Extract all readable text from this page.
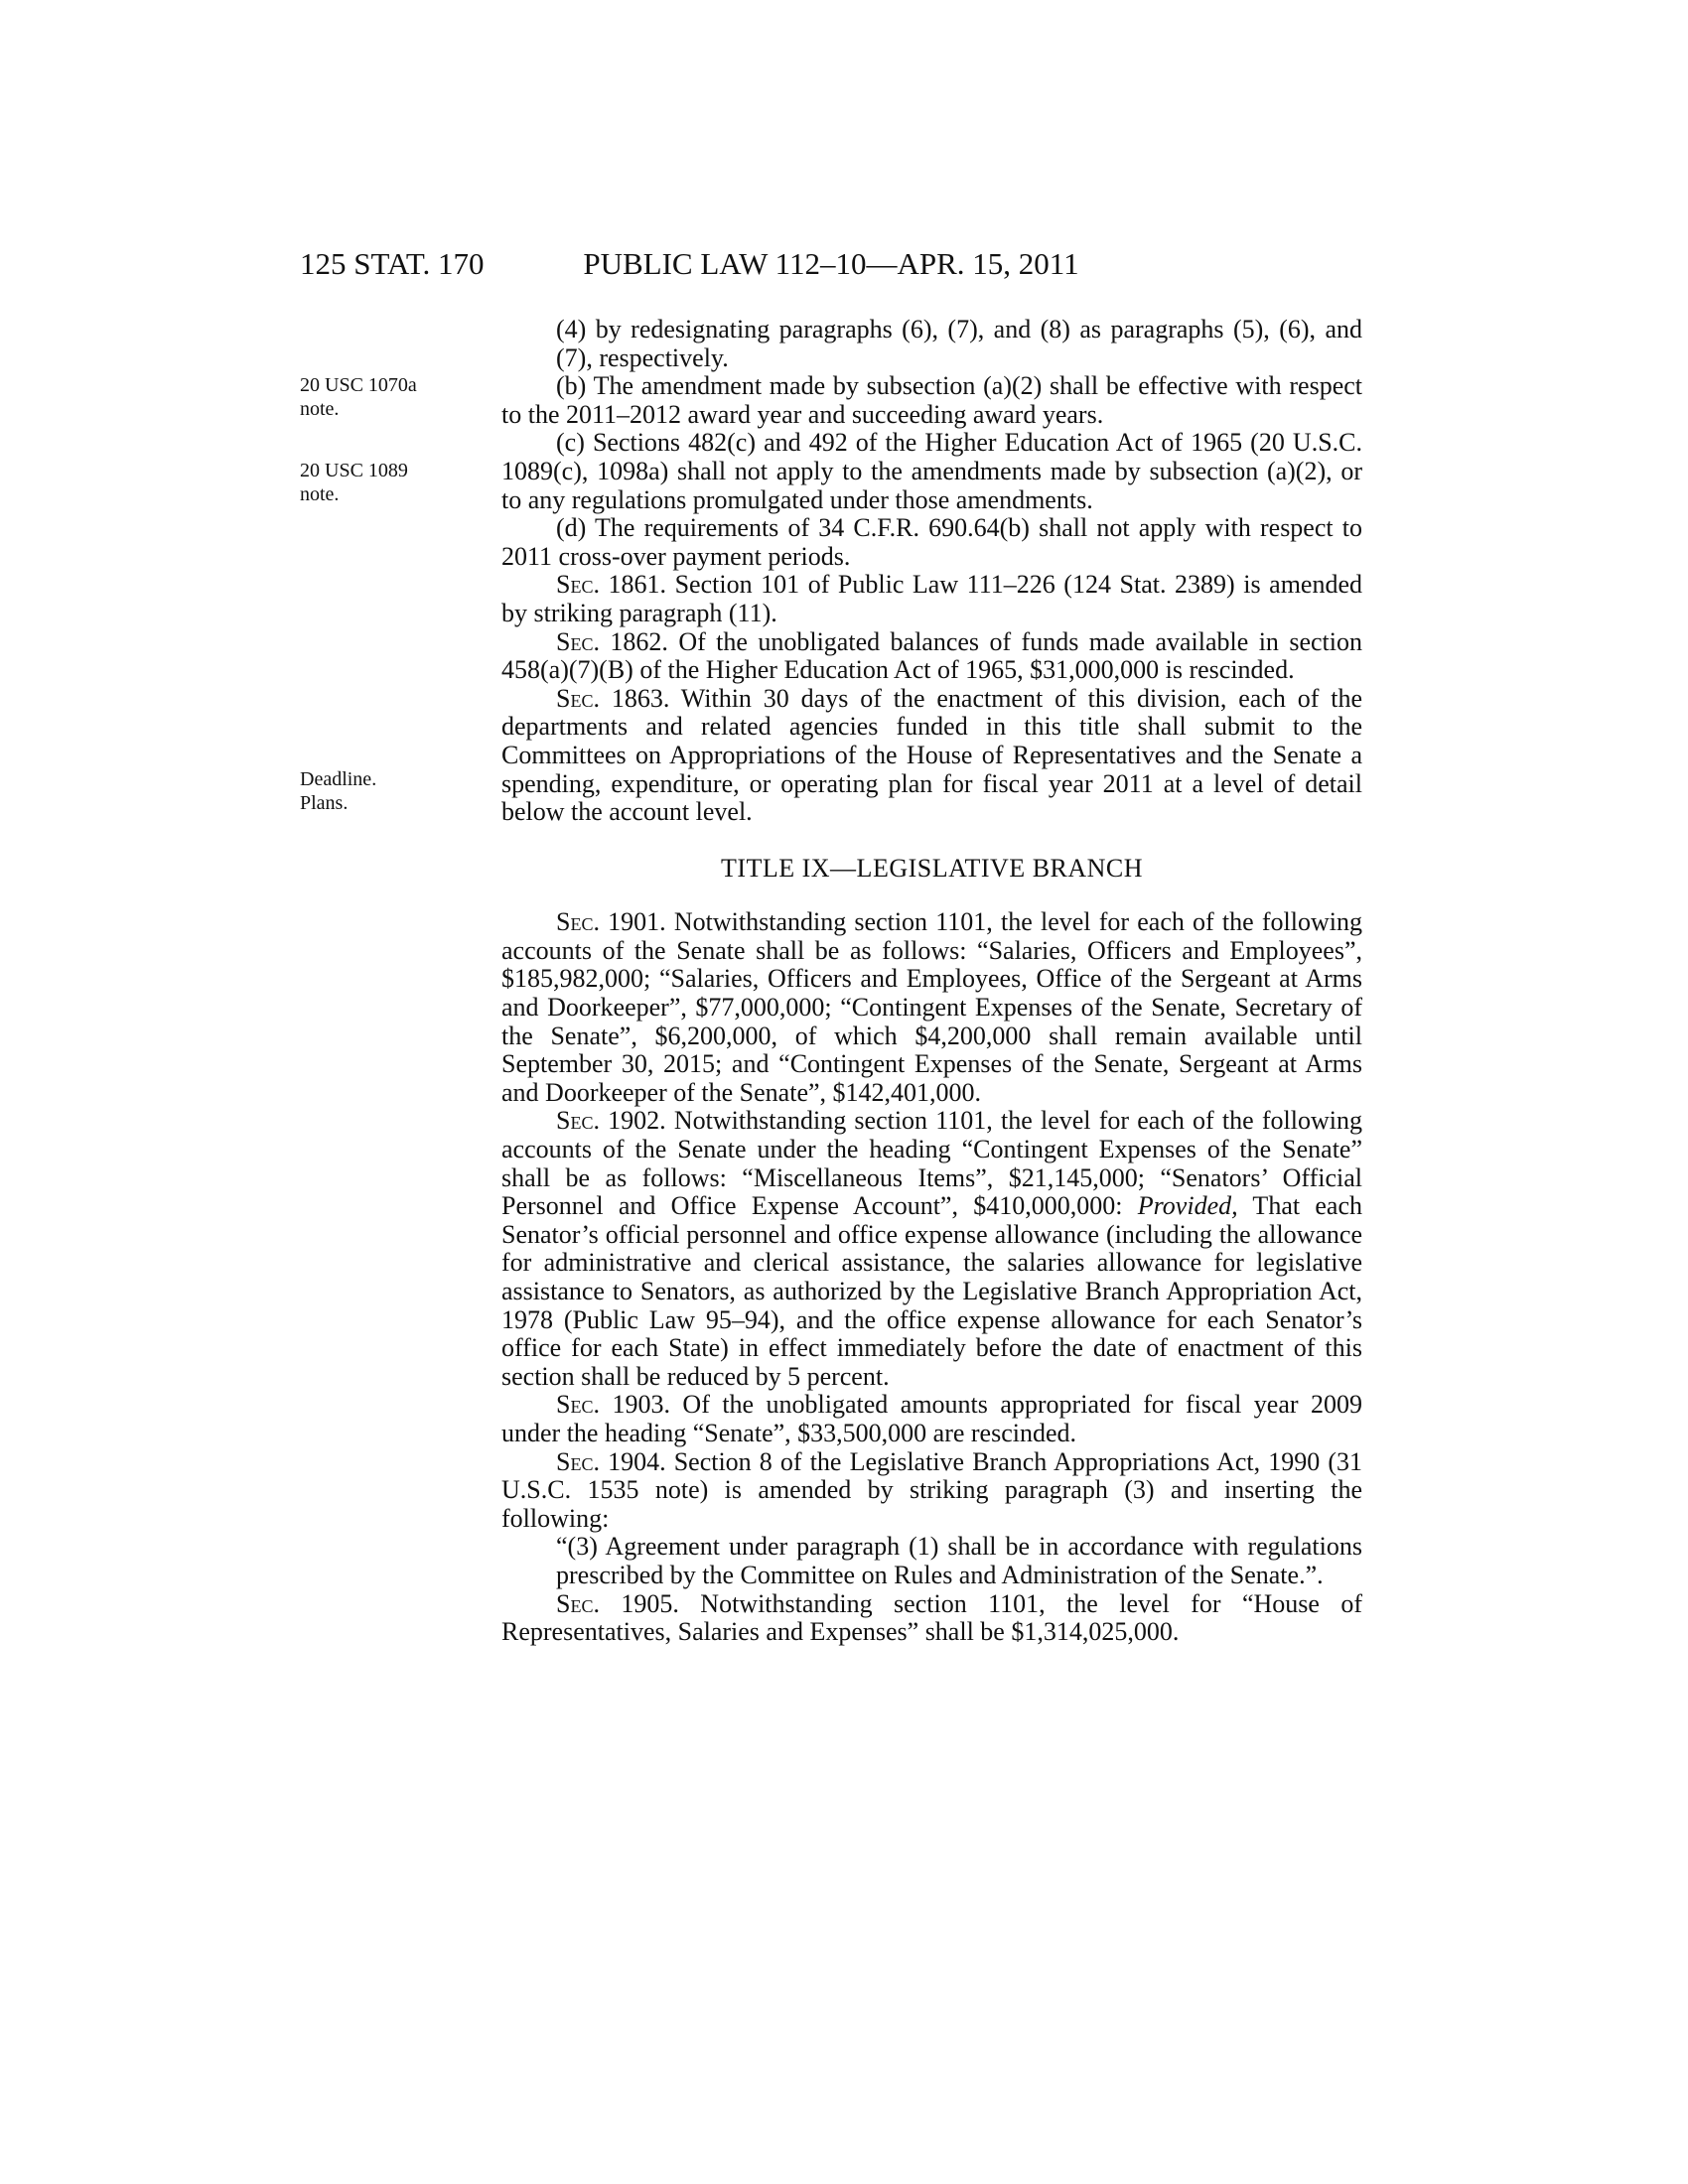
125 STAT. 170	PUBLIC LAW 112–10—APR. 15, 2011
20 USC 1070a
note.
20 USC 1089
note.
Deadline.
Plans.

(4) by redesignating paragraphs (6), (7), and (8) as paragraphs (5), (6), and (7), respectively.

(b) The amendment made by subsection (a)(2) shall be effective with respect to the 2011–2012 award year and succeeding award years.

(c) Sections 482(c) and 492 of the Higher Education Act of 1965 (20 U.S.C. 1089(c), 1098a) shall not apply to the amendments made by subsection (a)(2), or to any regulations promulgated under those amendments.

(d) The requirements of 34 C.F.R. 690.64(b) shall not apply with respect to 2011 cross-over payment periods.

Sec. 1861. Section 101 of Public Law 111–226 (124 Stat. 2389) is amended by striking paragraph (11).

Sec. 1862. Of the unobligated balances of funds made available in section 458(a)(7)(B) of the Higher Education Act of 1965, $31,000,000 is rescinded.

Sec. 1863. Within 30 days of the enactment of this division, each of the departments and related agencies funded in this title shall submit to the Committees on Appropriations of the House of Representatives and the Senate a spending, expenditure, or operating plan for fiscal year 2011 at a level of detail below the account level.

TITLE IX—LEGISLATIVE BRANCH

Sec. 1901. Notwithstanding section 1101, the level for each of the following accounts of the Senate shall be as follows: “Salaries, Officers and Employees”, $185,982,000; “Salaries, Officers and Employees, Office of the Sergeant at Arms and Doorkeeper”, $77,000,000; “Contingent Expenses of the Senate, Secretary of the Senate”, $6,200,000, of which $4,200,000 shall remain available until September 30, 2015; and “Contingent Expenses of the Senate, Sergeant at Arms and Doorkeeper of the Senate”, $142,401,000.

Sec. 1902. Notwithstanding section 1101, the level for each of the following accounts of the Senate under the heading “Contingent Expenses of the Senate” shall be as follows: “Miscellaneous Items”, $21,145,000; “Senators’ Official Personnel and Office Expense Account”, $410,000,000: Provided, That each Senator’s official personnel and office expense allowance (including the allowance for administrative and clerical assistance, the salaries allowance for legislative assistance to Senators, as authorized by the Legislative Branch Appropriation Act, 1978 (Public Law 95–94), and the office expense allowance for each Senator’s office for each State) in effect immediately before the date of enactment of this section shall be reduced by 5 percent.

Sec. 1903. Of the unobligated amounts appropriated for fiscal year 2009 under the heading “Senate”, $33,500,000 are rescinded.

Sec. 1904. Section 8 of the Legislative Branch Appropriations Act, 1990 (31 U.S.C. 1535 note) is amended by striking paragraph (3) and inserting the following:

“(3) Agreement under paragraph (1) shall be in accordance with regulations prescribed by the Committee on Rules and Administration of the Senate.”.

Sec. 1905. Notwithstanding section 1101, the level for “House of Representatives, Salaries and Expenses” shall be $1,314,025,000.
